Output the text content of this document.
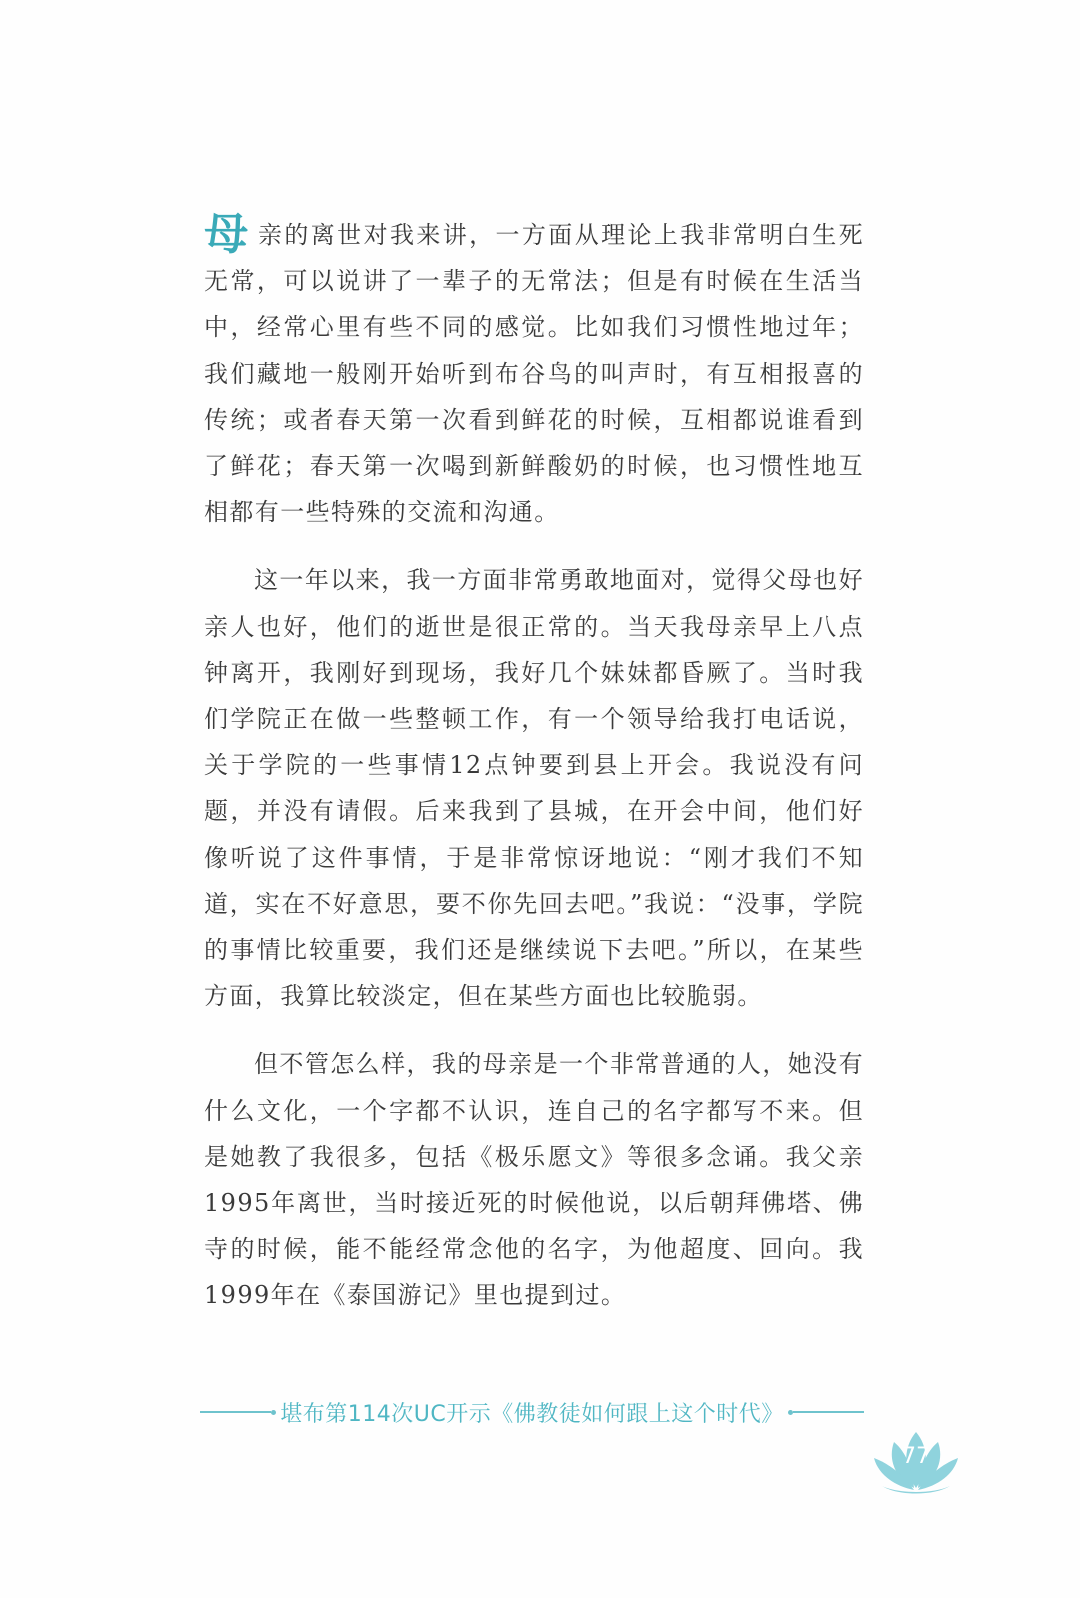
母 亲的离世对我来讲，一方面从理论上我非常明白生死无常，可以说讲了一辈子的无常法；但是有时候在生活当中，经常心里有些不同的感觉。比如我们习惯性地过年；我们藏地一般刚开始听到布谷鸟的叫声时，有互相报喜的传统；或者春天第一次看到鲜花的时候，互相都说谁看到了鲜花；春天第一次喝到新鲜酸奶的时候，也习惯性地互相都有一些特殊的交流和沟通。

这一年以来，我一方面非常勇敢地面对，觉得父母也好亲人也好，他们的逝世是很正常的。当天我母亲早上八点钟离开，我刚好到现场，我好几个妹妹都昏厥了。当时我们学院正在做一些整顿工作，有一个领导给我打电话说，关于学院的一些事情12点钟要到县上开会。我说没有问题，并没有请假。后来我到了县城，在开会中间，他们好像听说了这件事情，于是非常惊讶地说：“刚才我们不知道，实在不好意思，要不你先回去吧。”我说：“没事，学院的事情比较重要，我们还是继续说下去吧。”所以，在某些方面，我算比较淡定，但在某些方面也比较脆弱。

但不管怎么样，我的母亲是一个非常普通的人，她没有什么文化，一个字都不认识，连自己的名字都写不来。但是她教了我很多，包括《极乐愿文》等很多念诵。我父亲1995年离世，当时接近死的时候他说，以后朝拜佛塔、佛寺的时候，能不能经常念他的名字，为他超度、回向。我1999年在《泰国游记》里也提到过。

堪布第114次UC开示《佛教徒如何跟上这个时代》
77
